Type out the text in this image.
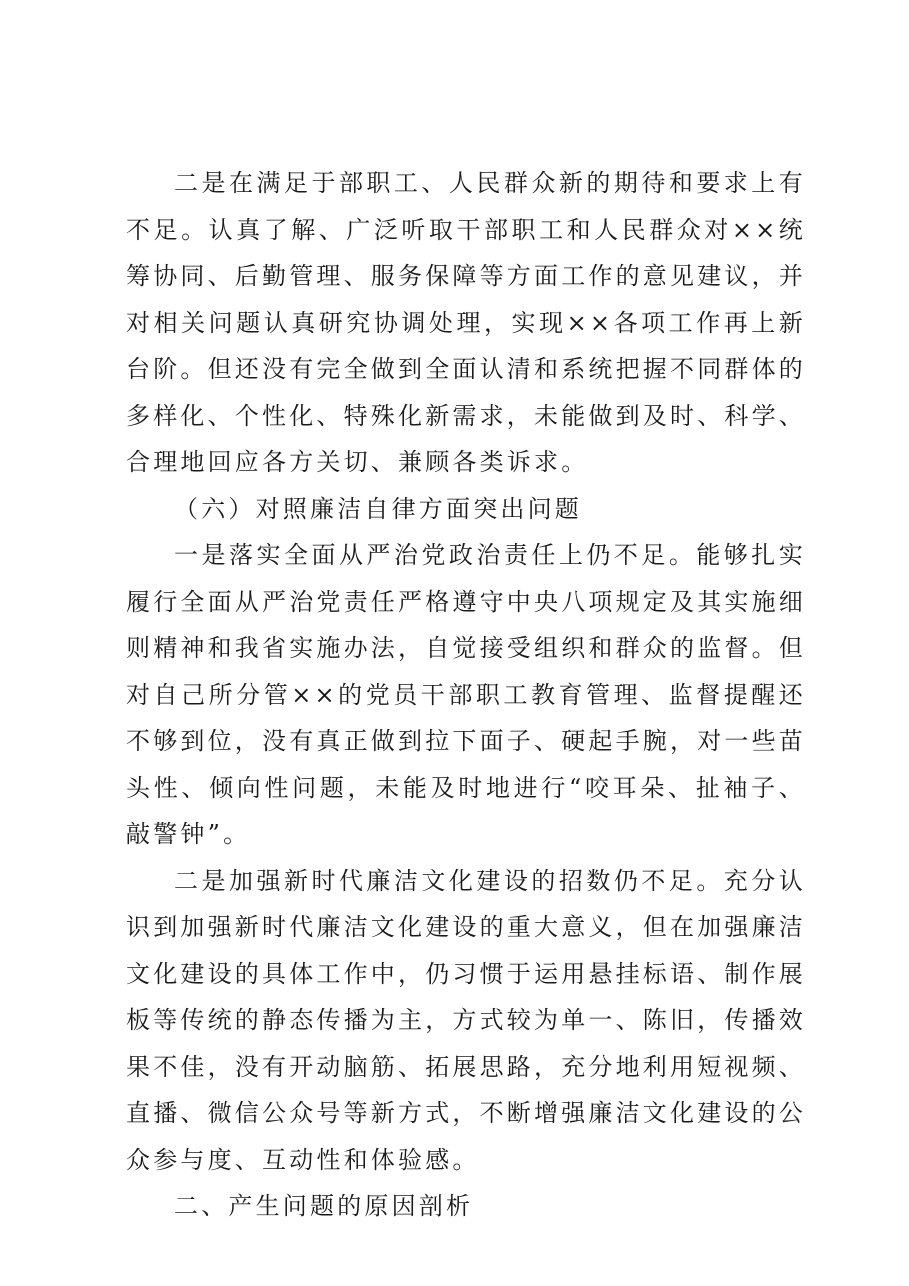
二是在满足于部职工、人民群众新的期待和要求上有不足。认真了解、广泛听取干部职工和人民群众对××统筹协同、后勤管理、服务保障等方面工作的意见建议，并对相关问题认真研究协调处理，实现××各项工作再上新台阶。但还没有完全做到全面认清和系统把握不同群体的多样化、个性化、特殊化新需求，未能做到及时、科学、合理地回应各方关切、兼顾各类诉求。

（六）对照廉洁自律方面突出问题

一是落实全面从严治党政治责任上仍不足。能够扎实履行全面从严治党责任严格遵守中央八项规定及其实施细则精神和我省实施办法，自觉接受组织和群众的监督。但对自己所分管××的党员干部职工教育管理、监督提醒还不够到位，没有真正做到拉下面子、硬起手腕，对一些苗头性、倾向性问题，未能及时地进行“咬耳朵、扯袖子、敲警钟”。

二是加强新时代廉洁文化建设的招数仍不足。充分认识到加强新时代廉洁文化建设的重大意义，但在加强廉洁文化建设的具体工作中，仍习惯于运用悬挂标语、制作展板等传统的静态传播为主，方式较为单一、陈旧，传播效果不佳，没有开动脑筋、拓展思路，充分地利用短视频、直播、微信公众号等新方式，不断增强廉洁文化建设的公众参与度、互动性和体验感。

二、产生问题的原因剖析
